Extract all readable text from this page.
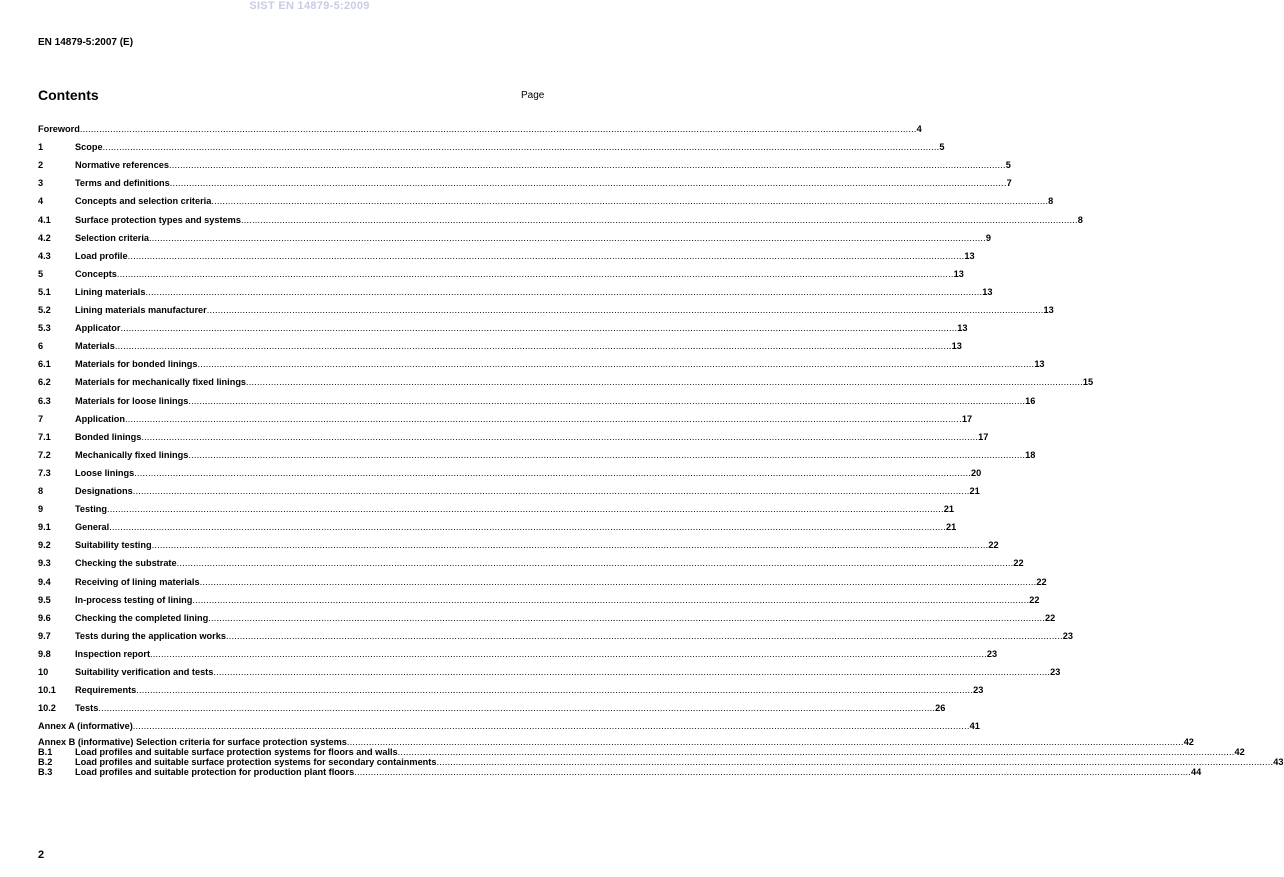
SIST EN 14879-5:2009
EN 14879-5:2007 (E)
Contents	Page
Foreword .....	4
1	Scope .....	5
2	Normative references .....	5
3	Terms and definitions .....	7
4	Concepts and selection criteria .....	8
4.1	Surface protection types and systems .....	8
4.2	Selection criteria .....	9
4.3	Load profile .....	13
5	Concepts .....	13
5.1	Lining materials .....	13
5.2	Lining materials manufacturer .....	13
5.3	Applicator .....	13
6	Materials .....	13
6.1	Materials for bonded linings .....	13
6.2	Materials for mechanically fixed linings .....	15
6.3	Materials for loose linings .....	16
7	Application .....	17
7.1	Bonded linings .....	17
7.2	Mechanically fixed linings .....	18
7.3	Loose linings .....	20
8	Designations .....	21
9	Testing .....	21
9.1	General .....	21
9.2	Suitability testing .....	22
9.3	Checking the substrate .....	22
9.4	Receiving of lining materials .....	22
9.5	In-process testing of lining .....	22
9.6	Checking the completed lining .....	22
9.7	Tests during the application works .....	23
9.8	Inspection report .....	23
10	Suitability verification and tests .....	23
10.1	Requirements .....	23
10.2	Tests .....	26
Annex A (informative) .....	41
Annex B (informative) Selection criteria for surface protection systems .....	42
B.1	Load profiles and suitable surface protection systems for floors and walls .....	42
B.2	Load profiles and suitable surface protection systems for secondary containments .....	43
B.3	Load profiles and suitable protection for production plant floors .....	44
2
